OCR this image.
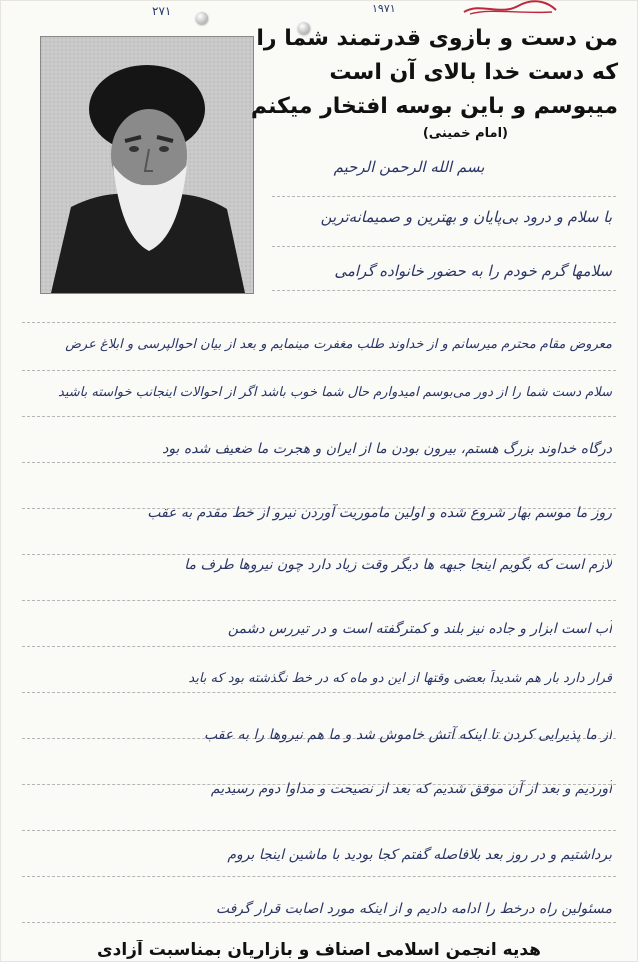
۲۷۱	۱۹۷۱
من دست و بازوی قدرتمند شما را
که دست خدا بالای آن است
میبوسم و باین بوسه افتخار میکنم
(امام خمینی)
بسم الله الرحمن الرحیم
با سلام و درود بی‌پایان و بهترین و صمیمانه‌ترین
سلامها گرم خودم را به حضور خانواده گرامی
معروض مقام محترم میرسانم و از خداوند طلب مغفرت مینمایم و بعد از بیان احوالپرسی و ابلاغ عرض
سلام دست شما را از دور می‌بوسم امیدوارم حال شما خوب باشد اگر از احوالات اینجانب خواسته باشید
درگاه خداوند بزرگ هستم، بیرون بودن ما از ایران و هجرت ما ضعیف شده بود
روز ما موسم بهار شروع شده و اولین ماموریت آوردن نیرو از خط مقدم به عقب
لازم است که بگویم اینجا جبهه ها دیگر وقت زیاد دارد چون نیروها طرف ما
آب است ابزار و جاده نیز بلند و کمترگفته است و در تیررس دشمن
قرار دارد بار هم شدیداً بعضی وقتها از این دو ماه که در خط نگذشته بود که باید
از ما پذیرایی کردن تا اینکه آتش خاموش شد و ما هم نیروها را به عقب
آوردیم و بعد از آن موفق شدیم که بعد از نصیحت و مداوا دوم رسیدیم
برداشتیم و در روز بعد بلافاصله گفتم کجا بودید با ماشین اینجا بروم
مسئولین راه درخط را ادامه دادیم و از اینکه مورد اصابت قرار گرفت
هدیه انجمن اسلامی اصناف و بازاریان بمناسبت آزادی
